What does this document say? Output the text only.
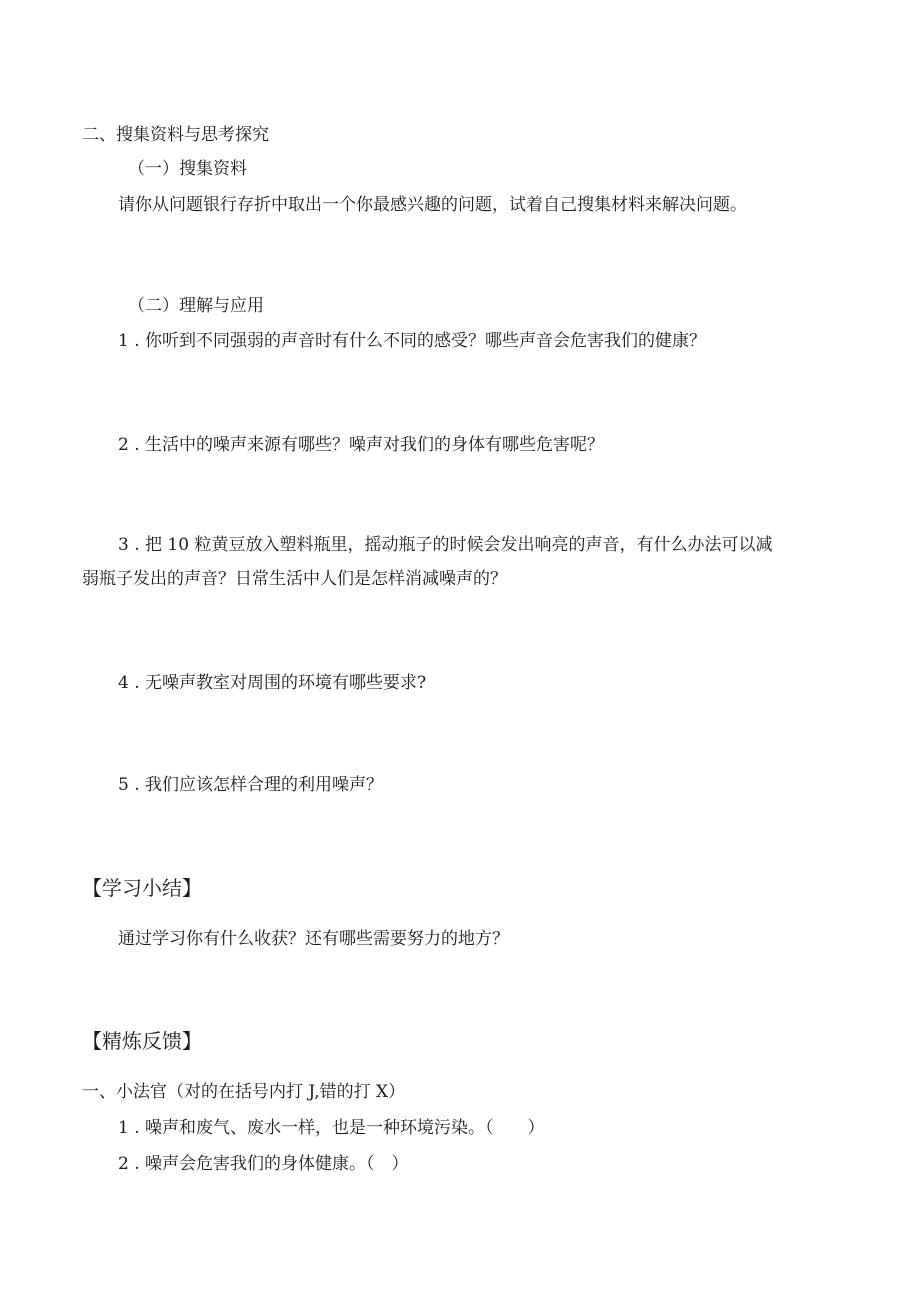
二、搜集资料与思考探究
（一）搜集资料
请你从问题银行存折中取出一个你最感兴趣的问题，试着自己搜集材料来解决问题。
（二）理解与应用
1 . 你听到不同强弱的声音时有什么不同的感受？哪些声音会危害我们的健康？
2 . 生活中的噪声来源有哪些？噪声对我们的身体有哪些危害呢？
3 . 把 10 粒黄豆放入塑料瓶里，摇动瓶子的时候会发出响亮的声音，有什么办法可以减
弱瓶子发出的声音？日常生活中人们是怎样消减噪声的？
4 . 无噪声教室对周围的环境有哪些要求?
5 . 我们应该怎样合理的利用噪声？
【学习小结】
通过学习你有什么收获？还有哪些需要努力的地方？
【精炼反馈】
一、小法官（对的在括号内打 J,错的打 X）
1 . 噪声和废气、废水一样，也是一种环境污染。（　　）
2 . 噪声会危害我们的身体健康。（　）
